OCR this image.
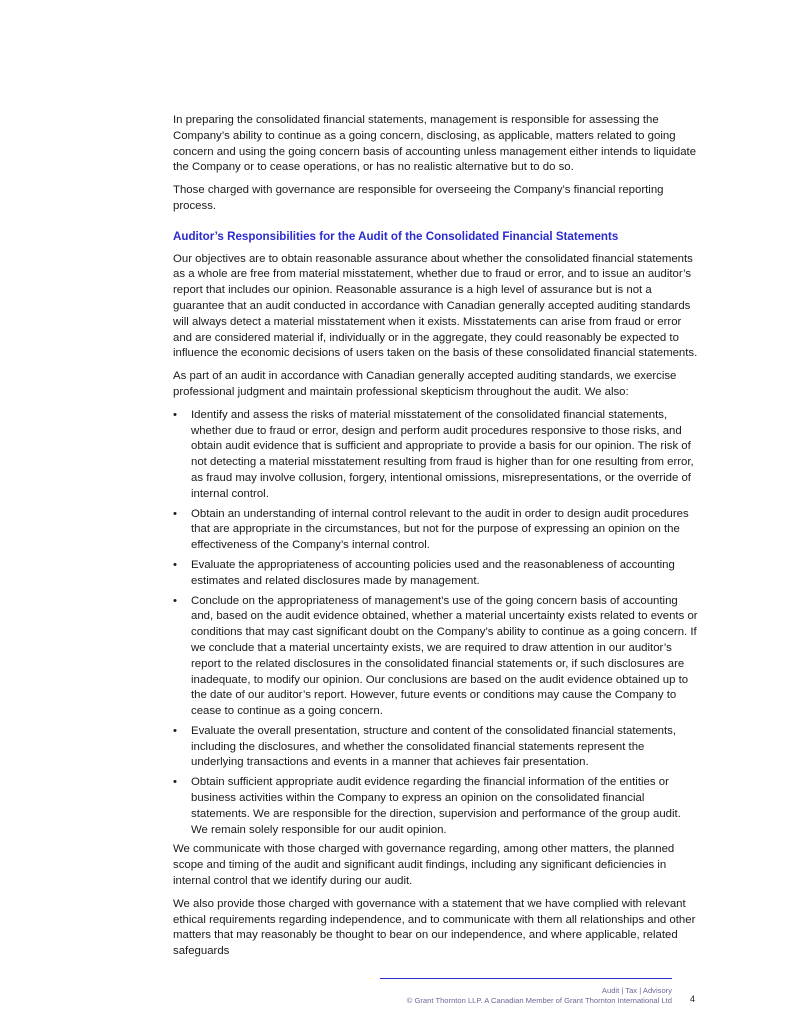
In preparing the consolidated financial statements, management is responsible for assessing the Company’s ability to continue as a going concern, disclosing, as applicable, matters related to going concern and using the going concern basis of accounting unless management either intends to liquidate the Company or to cease operations, or has no realistic alternative but to do so.

Those charged with governance are responsible for overseeing the Company’s financial reporting process.

Auditor’s Responsibilities for the Audit of the Consolidated Financial Statements

Our objectives are to obtain reasonable assurance about whether the consolidated financial statements as a whole are free from material misstatement, whether due to fraud or error, and to issue an auditor’s report that includes our opinion. Reasonable assurance is a high level of assurance but is not a guarantee that an audit conducted in accordance with Canadian generally accepted auditing standards will always detect a material misstatement when it exists. Misstatements can arise from fraud or error and are considered material if, individually or in the aggregate, they could reasonably be expected to influence the economic decisions of users taken on the basis of these consolidated financial statements.

As part of an audit in accordance with Canadian generally accepted auditing standards, we exercise professional judgment and maintain professional skepticism throughout the audit. We also:

•	Identify and assess the risks of material misstatement of the consolidated financial statements, whether due to fraud or error, design and perform audit procedures responsive to those risks, and obtain audit evidence that is sufficient and appropriate to provide a basis for our opinion. The risk of not detecting a material misstatement resulting from fraud is higher than for one resulting from error, as fraud may involve collusion, forgery, intentional omissions, misrepresentations, or the override of internal control.
•	Obtain an understanding of internal control relevant to the audit in order to design audit procedures that are appropriate in the circumstances, but not for the purpose of expressing an opinion on the effectiveness of the Company’s internal control.
•	Evaluate the appropriateness of accounting policies used and the reasonableness of accounting estimates and related disclosures made by management.
•	Conclude on the appropriateness of management’s use of the going concern basis of accounting and, based on the audit evidence obtained, whether a material uncertainty exists related to events or conditions that may cast significant doubt on the Company’s ability to continue as a going concern. If we conclude that a material uncertainty exists, we are required to draw attention in our auditor’s report to the related disclosures in the consolidated financial statements or, if such disclosures are inadequate, to modify our opinion. Our conclusions are based on the audit evidence obtained up to the date of our auditor’s report. However, future events or conditions may cause the Company to cease to continue as a going concern.
•	Evaluate the overall presentation, structure and content of the consolidated financial statements, including the disclosures, and whether the consolidated financial statements represent the underlying transactions and events in a manner that achieves fair presentation.
•	Obtain sufficient appropriate audit evidence regarding the financial information of the entities or business activities within the Company to express an opinion on the consolidated financial statements. We are responsible for the direction, supervision and performance of the group audit. We remain solely responsible for our audit opinion.

We communicate with those charged with governance regarding, among other matters, the planned scope and timing of the audit and significant audit findings, including any significant deficiencies in internal control that we identify during our audit.

We also provide those charged with governance with a statement that we have complied with relevant ethical requirements regarding independence, and to communicate with them all relationships and other matters that may reasonably be thought to bear on our independence, and where applicable, related safeguards

Audit | Tax | Advisory
© Grant Thornton LLP. A Canadian Member of Grant Thornton International Ltd 4
